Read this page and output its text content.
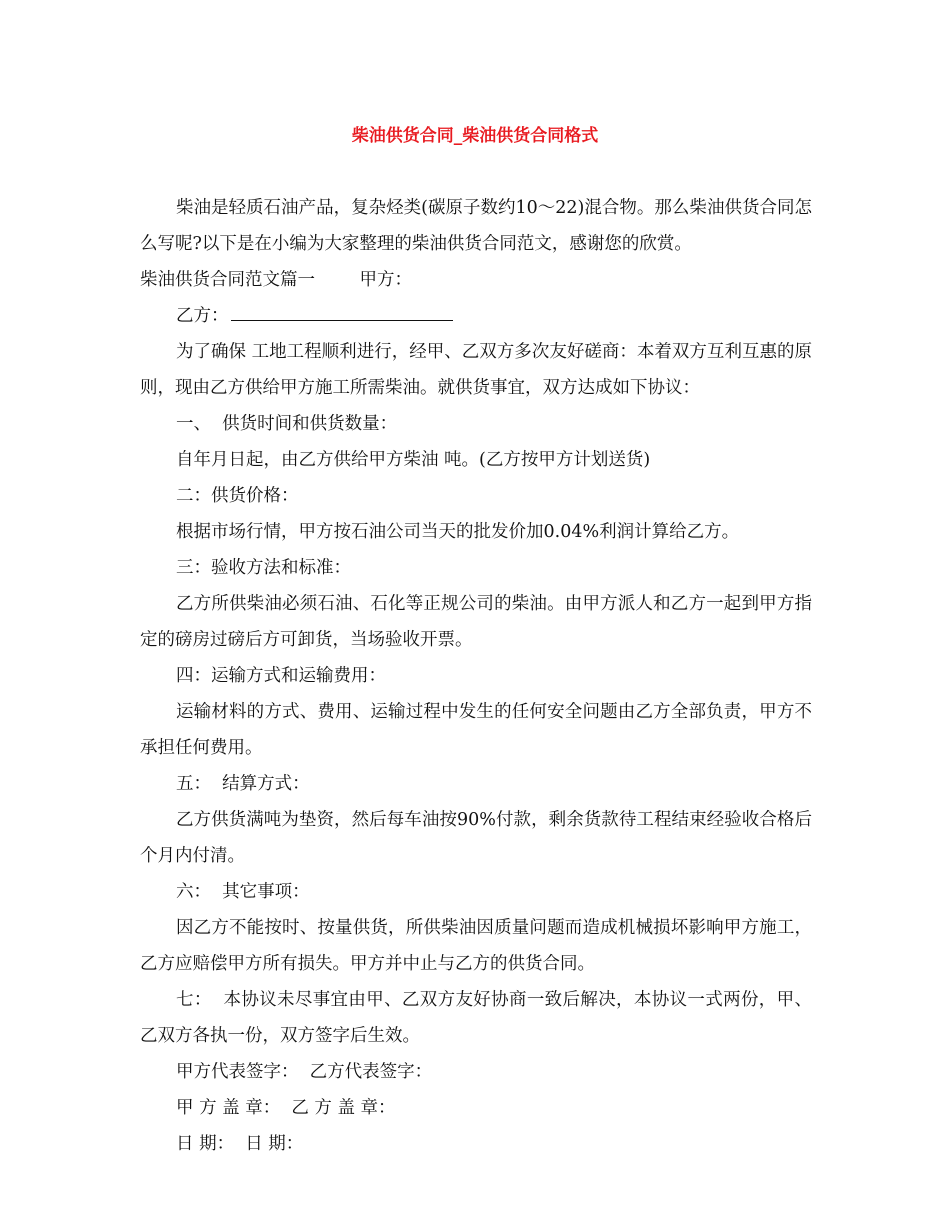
柴油供货合同_柴油供货合同格式

柴油是轻质石油产品，复杂烃类(碳原子数约10～22)混合物。那么柴油供货合同怎么写呢?以下是在小编为大家整理的柴油供货合同范文，感谢您的欣赏。

柴油供货合同范文篇一        甲方：

乙方：

为了确保 工地工程顺利进行，经甲、乙双方多次友好磋商：本着双方互利互惠的原则，现由乙方供给甲方施工所需柴油。就供货事宜，双方达成如下协议：

一、  供货时间和供货数量：

自年月日起，由乙方供给甲方柴油 吨。(乙方按甲方计划送货)

二：供货价格：

根据市场行情，甲方按石油公司当天的批发价加0.04%利润计算给乙方。

三：验收方法和标准：

乙方所供柴油必须石油、石化等正规公司的柴油。由甲方派人和乙方一起到甲方指定的磅房过磅后方可卸货，当场验收开票。

四：运输方式和运输费用：

运输材料的方式、费用、运输过程中发生的任何安全问题由乙方全部负责，甲方不承担任何费用。

五：  结算方式：

乙方供货满吨为垫资，然后每车油按90%付款，剩余货款待工程结束经验收合格后个月内付清。

六：  其它事项：

因乙方不能按时、按量供货，所供柴油因质量问题而造成机械损坏影响甲方施工，乙方应赔偿甲方所有损失。甲方并中止与乙方的供货合同。

七：  本协议未尽事宜由甲、乙双方友好协商一致后解决，本协议一式两份，甲、乙双方各执一份，双方签字后生效。

甲方代表签字：  乙方代表签字：

甲 方 盖 章：  乙 方 盖 章：

日 期：  日 期：
